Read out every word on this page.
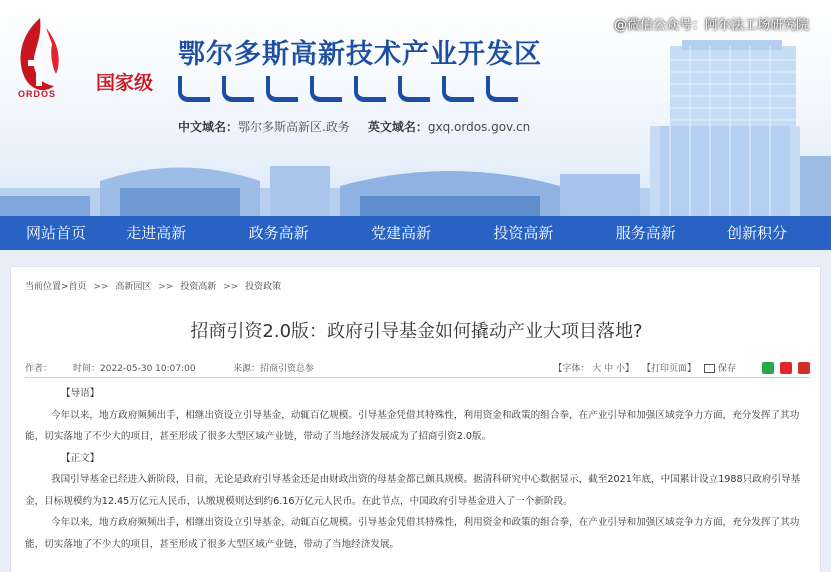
@微信公众号：阿尔法工场研究院
ORDOS 国家级
鄂尔多斯高新技术产业开发区
中文域名：鄂尔多斯高新区.政务 英文域名：gxq.ordos.gov.cn
网站首页	走进高新	政务高新	党建高新	投资高新	服务高新	创新积分
当前位置>首页 >> 高新园区 >> 投资高新 >> 投资政策
招商引资2.0版：政府引导基金如何撬动产业大项目落地?
作者： 时间：2022-05-30 10:07:00	来源：招商引资总参	【字体： 大 中 小】 【打印页面】	保存
【导语】
今年以来，地方政府频频出手，相继出资设立引导基金，动辄百亿规模。引导基金凭借其特殊性，利用资金和政策的组合拳，在产业引导和加强区域竞争力方面，充分发挥了其功能，切实落地了不少大的项目，甚至形成了很多大型区域产业链，带动了当地经济发展成为了招商引资2.0版。
【正文】
我国引导基金已经进入新阶段，目前，无论是政府引导基金还是由财政出资的母基金都已颇具规模。据清科研究中心数据显示，截至2021年底，中国累计设立1988只政府引导基金，目标规模约为12.45万亿元人民币，认缴规模则达到约6.16万亿元人民币。在此节点，中国政府引导基金进入了一个新阶段。
今年以来，地方政府频频出手，相继出资设立引导基金，动辄百亿规模。引导基金凭借其特殊性，利用资金和政策的组合拳，在产业引导和加强区域竞争力方面，充分发挥了其功能，切实落地了不少大的项目，甚至形成了很多大型区域产业链，带动了当地经济发展。
